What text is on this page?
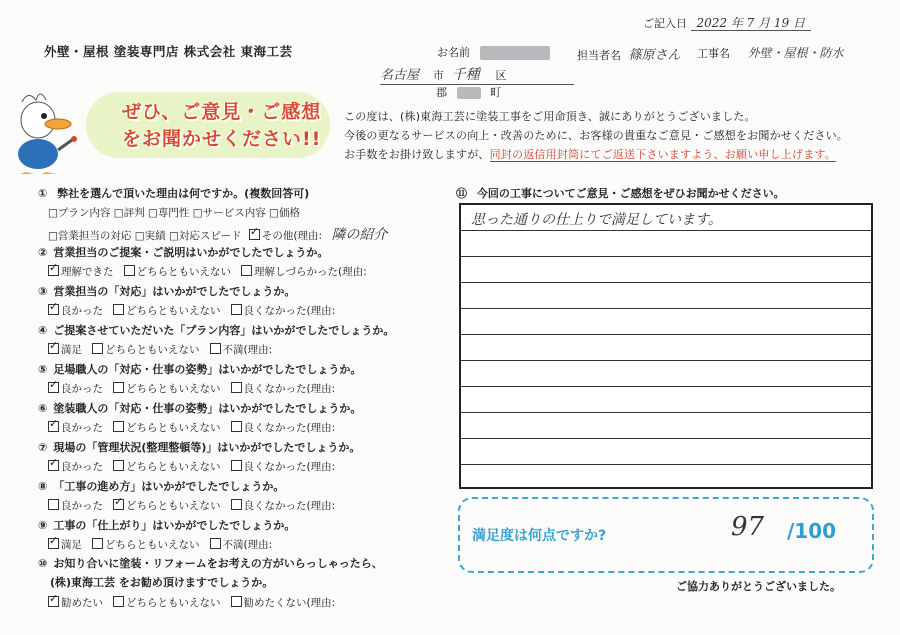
ご記入日 2022 年 7 月 19 日
お名前	担当者名 篠原さん 工事名 外壁・屋根・防水
名古屋 市 千種 区
郡	町
外壁・屋根 塗装専門店 株式会社 東海工芸
ぜひ、ご意見・ご感想
をお聞かせください!!
この度は、(株)東海工芸に塗装工事をご用命頂き、誠にありがとうございました。
今後の更なるサービスの向上・改善のために、お客様の貴重なご意見・ご感想をお聞かせください。
お手数をお掛け致しますが、同封の返信用封筒にてご返送下さいますよう、お願い申し上げます。
① 弊社を選んで頂いた理由は何ですか。(複数回答可)
□プラン内容 □評判 □専門性 □サービス内容 □価格
□営業担当の対応 □実績 □対応スピード ✓ その他(理由: 隣の紹介
② 営業担当のご提案・ご説明はいかがでしたでしょうか。
✓理解できた どちらともいえない 理解しづらかった(理由:
③ 営業担当の「対応」はいかがでしたでしょうか。
✓良かった どちらともいえない 良くなかった(理由:
④ ご提案させていただいた「プラン内容」はいかがでしたでしょうか。
✓満足 どちらともいえない 不満(理由:
⑤ 足場職人の「対応・仕事の姿勢」はいかがでしたでしょうか。
✓良かった どちらともいえない 良くなかった(理由:
⑥ 塗装職人の「対応・仕事の姿勢」はいかがでしたでしょうか。
✓良かった どちらともいえない 良くなかった(理由:
⑦ 現場の「管理状況(整理整頓等)」はいかがでしたでしょうか。
✓良かった どちらともいえない 良くなかった(理由:
⑧ 「工事の進め方」はいかがでしたでしょうか。
良かった ✓ どちらともいえない 良くなかった(理由:
⑨ 工事の「仕上がり」はいかがでしたでしょうか。
✓満足 どちらともいえない 不満(理由:
⑩ お知り合いに塗装・リフォームをお考えの方がいらっしゃったら、
(株)東海工芸 をお勧め頂けますでしょうか。
✓勧めたい どちらともいえない 勧めたくない(理由:
⑪ 今回の工事についてご意見・ご感想をぜひお聞かせください。
思った通りの仕上りで満足しています。
満足度は何点ですか?	97 /100
ご協力ありがとうございました。
